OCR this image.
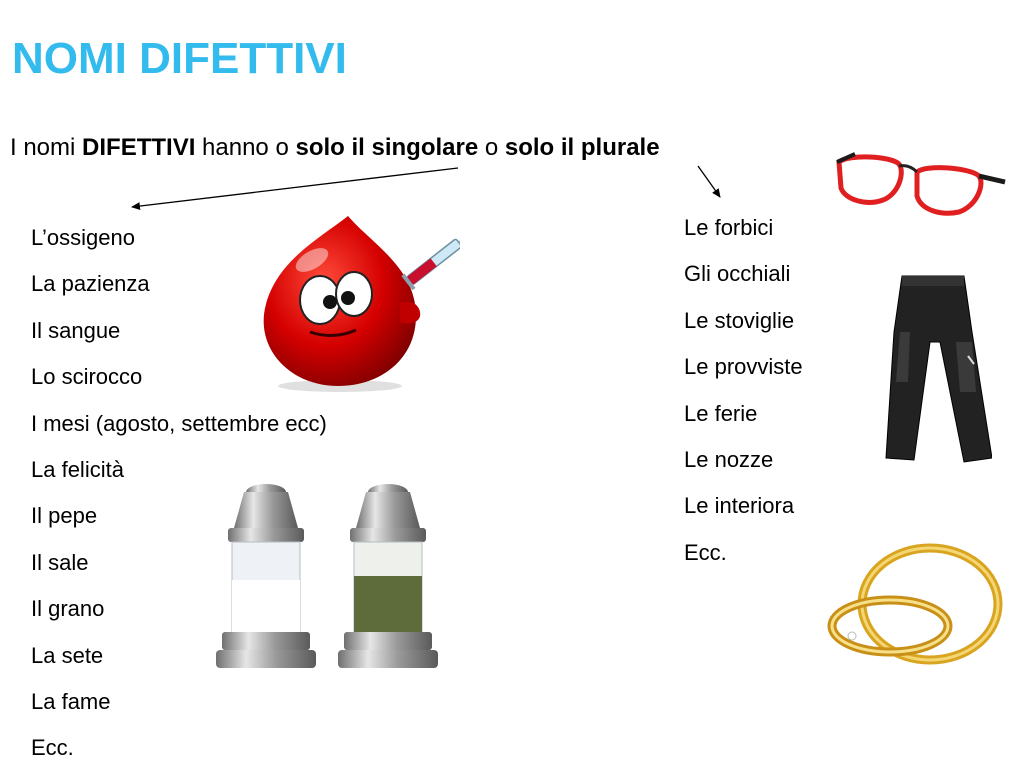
NOMI DIFETTIVI
I nomi DIFETTIVI hanno o solo il singolare o solo il plurale
L’ossigeno
La pazienza
Il sangue
Lo scirocco
I mesi (agosto, settembre ecc)
La felicità
Il pepe
Il sale
Il grano
La sete
La fame
Ecc.
Le forbici
Gli occhiali
Le stoviglie
Le provviste
Le ferie
Le nozze
Le interiora
Ecc.
